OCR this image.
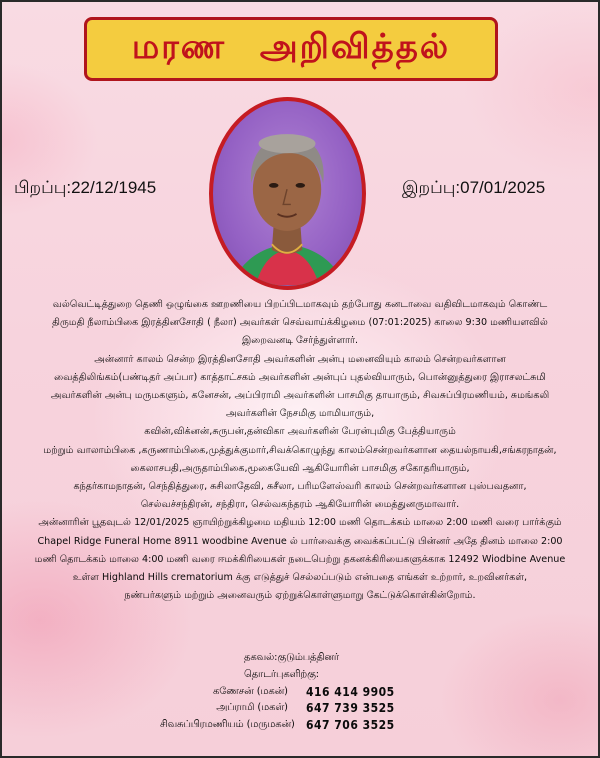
மரண அறிவித்தல்
பிறப்பு:22/12/1945	இறப்பு:07/01/2025
வல்வெட்டித்துறை தெணி ஒழுங்கை ஊறணியை பிறப்பிடமாகவும் தற்போது கனடாவை வதிவிடமாகவும் கொண்ட
திருமதி நீலாம்பிகை இரத்தினசோதி ( நீலா) அவர்கள் செவ்வாய்க்கிழமை (07:01:2025) காலை 9:30 மணியளவில்
இறைவனடி சேர்ந்துள்ளார்.
அன்னார் காலம் சென்ற இரத்தினசோதி அவர்களின் அன்பு மனைவியும் காலம் சென்றவர்களான
வைத்திலிங்கம்(பண்டிதர் அப்பா) காத்தாட்சகம் அவர்களின் அன்புப் புதல்வியாரும், பொன்னுத்துரை இராசலட்சுமி
அவர்களின் அன்பு மருமகளும், கனேசன், அப்பிராமி அவர்களின் பாசமிகு தாயாரும், சிவசுப்பிரமணியம், சுமங்கலி
அவர்களின் நேசமிகு மாமியாரும்,
கவின்,விக்னன்,சுருபன்,தன்விகா அவர்களின் பேரன்புமிகு பேத்தியாரும்
மற்றும் வாலாம்பிகை ,கருணாம்பிகை,முத்துக்குமார்,சிவக்கொழுந்து காலம்சென்றவர்களான தையல்நாயகி,சங்கரநாதன்,
கைலாசபதி,அருதாம்பிகை,மூகையேவி ஆகியோரின் பாசமிகு சகோதரியாரும்,
கந்தர்காமநாதன், செந்தித்துரை, சுசிலாதேவி, சுசீலா, பரிமளேஸ்வரி காலம் சென்றவர்களான புஸ்பவதனா,
செல்வச்சந்திரன், சந்திரா, செல்வகந்தரம் ஆகியோரின் மைத்துனருமாவார்.
அன்னாரின் பூதவுடல் 12/01/2025 ஞாயிற்றுக்கிழமை மதியம் 12:00 மணி தொடக்கம் மாலை 2:00 மணி வரை பார்க்கும்
Chapel Ridge Funeral Home 8911 woodbine Avenue ல் பார்வைக்கு வைக்கப்பட்டு பின்னர் அதே தினம் மாலை 2:00
மணி தொடக்கம் மாலை 4:00 மணி வரை ஈமக்கிரியைகள் நடைபெற்று தகனக்கிரியைகளுக்காக 12492 Wiodbine Avenue
உள்ள Highland Hills crematorium க்கு எடுத்துச் செல்லப்படும் என்பதை எங்கள் உற்றார், உறவினர்கள்,
நண்பர்களும் மற்றும் அனைவரும் ஏற்றுக்கொள்ளுமாறு கேட்டுக்கொள்கின்றோம்.
தகவல்:குடும்பத்தினர்
தொடர்புகளிற்கு:
கணேசன் (மகன்)	416 414 9905
அப்ராமி (மகள்)	647 739 3525
சிவசுப்பிரமணியம் (மருமகன்) 647 706 3525
